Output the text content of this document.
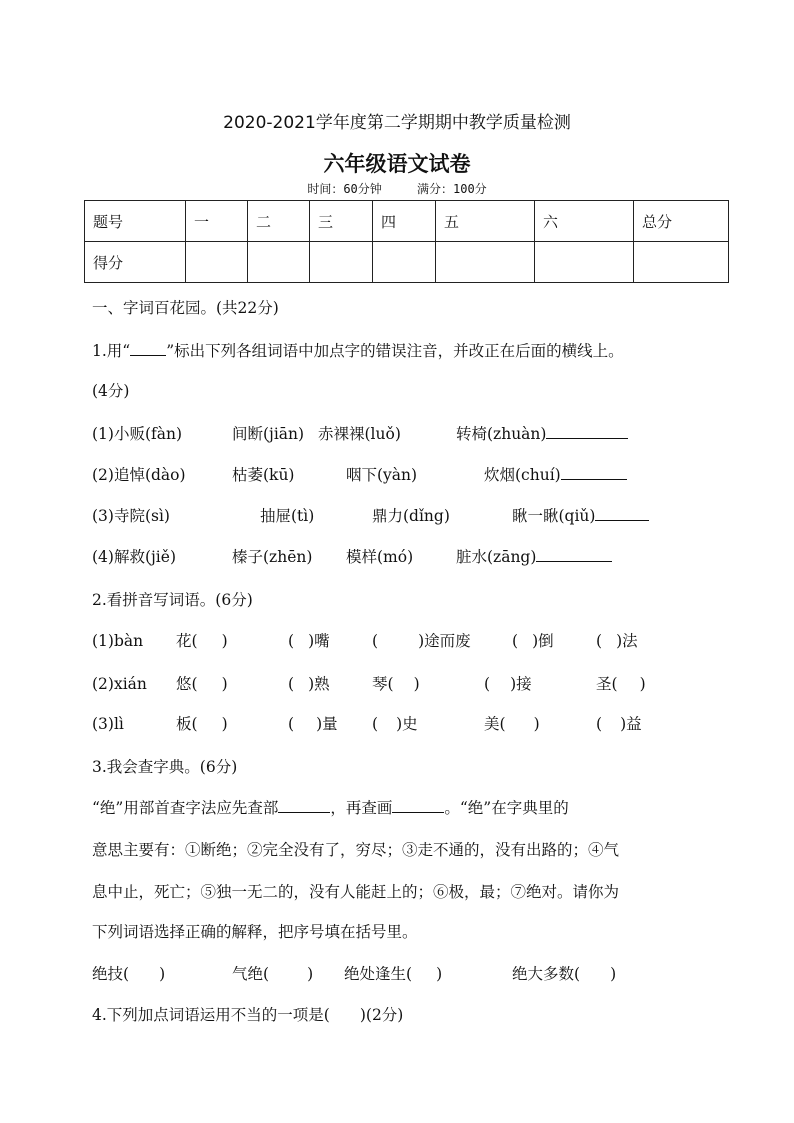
2020-2021学年度第二学期期中教学质量检测
六年级语文试卷
时间：60分钟	满分：100分
题号	一	二	三	四	五	六	总分
得分							
一、字词百花园。(共22分)
1.用“ ”标出下列各组词语中加点字的错误注音，并改正在后面的横线上。
(4分)
(1)小贩(fàn)	间断(jiān) 赤裸裸(luǒ)	转椅(zhuàn)
(2)追悼(dào)	枯萎(kū)	咽下(yàn)	炊烟(chuí)
(3)寺院(sì)	抽屉(tì)	鼎力(dǐng)	瞅一瞅(qiǔ)
(4)解救(jiě)	榛子(zhēn) 模样(mó)	脏水(zāng)
2.看拼音写词语。(6分)
(1)bàn 花( )	( )嘴	(	)途而废	( )倒	( )法
(2)xián 悠( )	( )熟	琴( )	( )接	圣( )
(3)lì	板( )	( )量 ( )史	美( )	( )益
3.我会查字典。(6分)
“绝”用部首查字法应先查部	，再查画	。“绝”在字典里的
意思主要有：①断绝；②完全没有了，穷尽；③走不通的，没有出路的；④气
息中止，死亡；⑤独一无二的，没有人能赶上的；⑥极，最；⑦绝对。请你为
下列词语选择正确的解释，把序号填在括号里。
绝技( )	气绝( ) 绝处逢生( )	绝大多数( )
4.下列加点词语运用不当的一项是( )(2分)
